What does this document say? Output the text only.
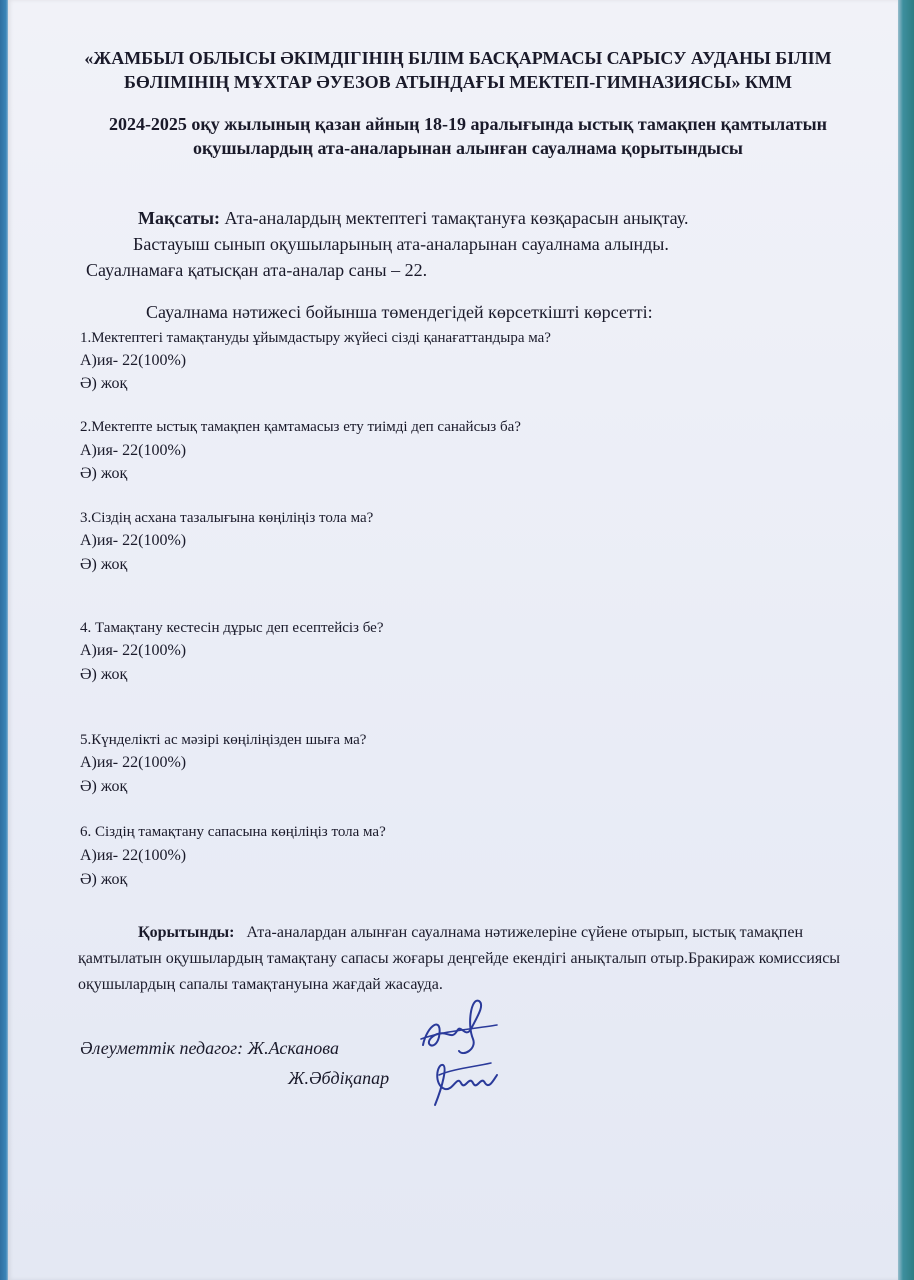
«ЖАМБЫЛ ОБЛЫСЫ ӘКІМДІГІНІҢ БІЛІМ БАСҚАРМАСЫ САРЫСУ АУДАНЫ БІЛІМ БӨЛІМІНІҢ МҰХТАР ӘУЕЗОВ АТЫНДАҒЫ МЕКТЕП-ГИМНАЗИЯСЫ» КММ
2024-2025 оқу жылының қазан айның 18-19 аралығында ыстық тамақпен қамтылатын оқушылардың ата-аналарынан алынған сауалнама қорытындысы
Мақсаты: Ата-аналардың мектептегі тамақтануға көзқарасын анықтау.
Бастауыш сынып оқушыларының ата-аналарынан сауалнама алынды.
Сауалнамаға қатысқан ата-аналар саны – 22.
Сауалнама нәтижесі бойынша төмендегідей көрсеткішті көрсетті:
1.Мектептегі тамақтануды ұйымдастыру жүйесі сізді қанағаттандыра ма?
А)ия- 22(100%)
Ә) жоқ
2.Мектепте ыстық тамақпен қамтамасыз ету тиімді деп санайсыз ба?
А)ия- 22(100%)
Ә) жоқ
3.Сіздің асхана тазалығына көңіліңіз тола ма?
А)ия- 22(100%)
Ә) жоқ
4. Тамақтану кестесін дұрыс деп есептейсіз бе?
А)ия- 22(100%)
Ә) жоқ
5.Күнделікті ас мәзірі көңіліңізден шыға ма?
А)ия- 22(100%)
Ә) жоқ
6. Сіздің тамақтану сапасына көңіліңіз тола ма?
А)ия- 22(100%)
Ә) жоқ
Қорытынды: Ата-аналардан алынған сауалнама нәтижелеріне сүйене отырып, ыстық тамақпен қамтылатын оқушылардың тамақтану сапасы жоғары деңгейде екендігі анықталып отыр.Бракираж комиссиясы оқушылардың сапалы тамақтануына жағдай жасауда.
Әлеуметтік педагог: Ж.Асканова
Ж.Әбдіқапар
